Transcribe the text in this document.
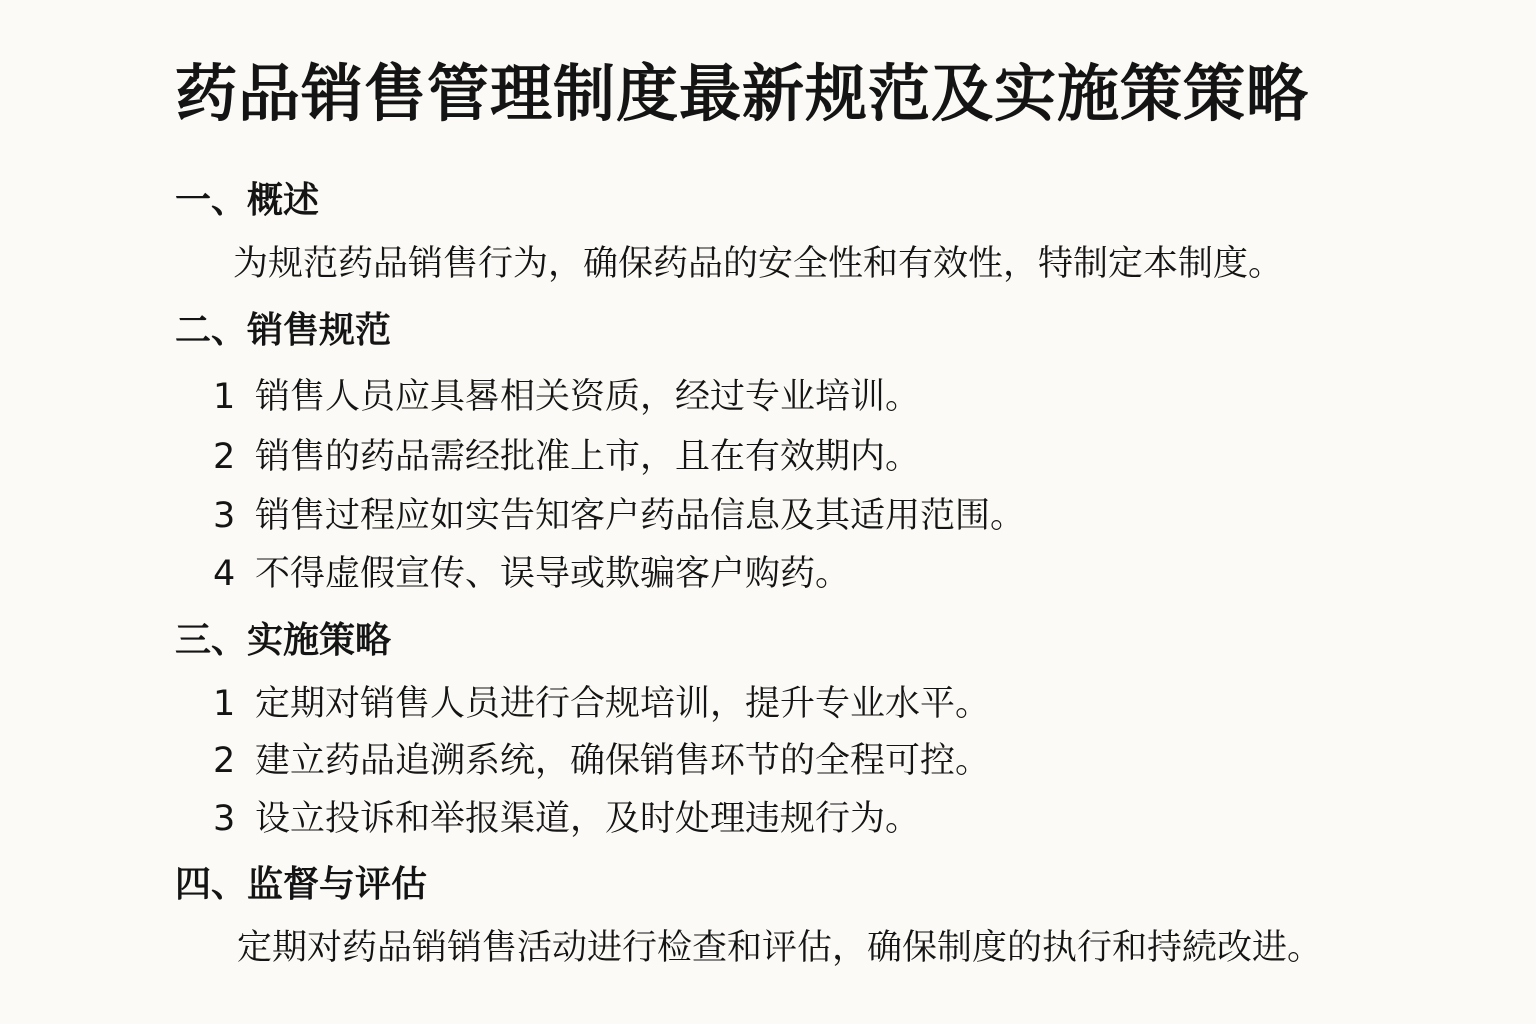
药品销售管理制度最新规范及实施策策略
一、概述

为规范药品销售行为，确保药品的安全性和有效性，特制定本制度。

二、销售规范

1 销售人员应具晷相关资质，经过专业培训。

2 销售的药品需经批准上市，且在有效期内。

3 销售过程应如实告知客户药品信息及其适用范围。

4 不得虚假宣传、误导或欺骗客户购药。

三、实施策略

1 定期对销售人员进行合规培训，提升专业水平。

2 建立药品追溯系统，确保销售环节的全程可控。

3 设立投诉和举报渠道，及时处理违规行为。

四、监督与评估

定期对药品销销售活动进行检查和评估，确保制度的执行和持続改进。
